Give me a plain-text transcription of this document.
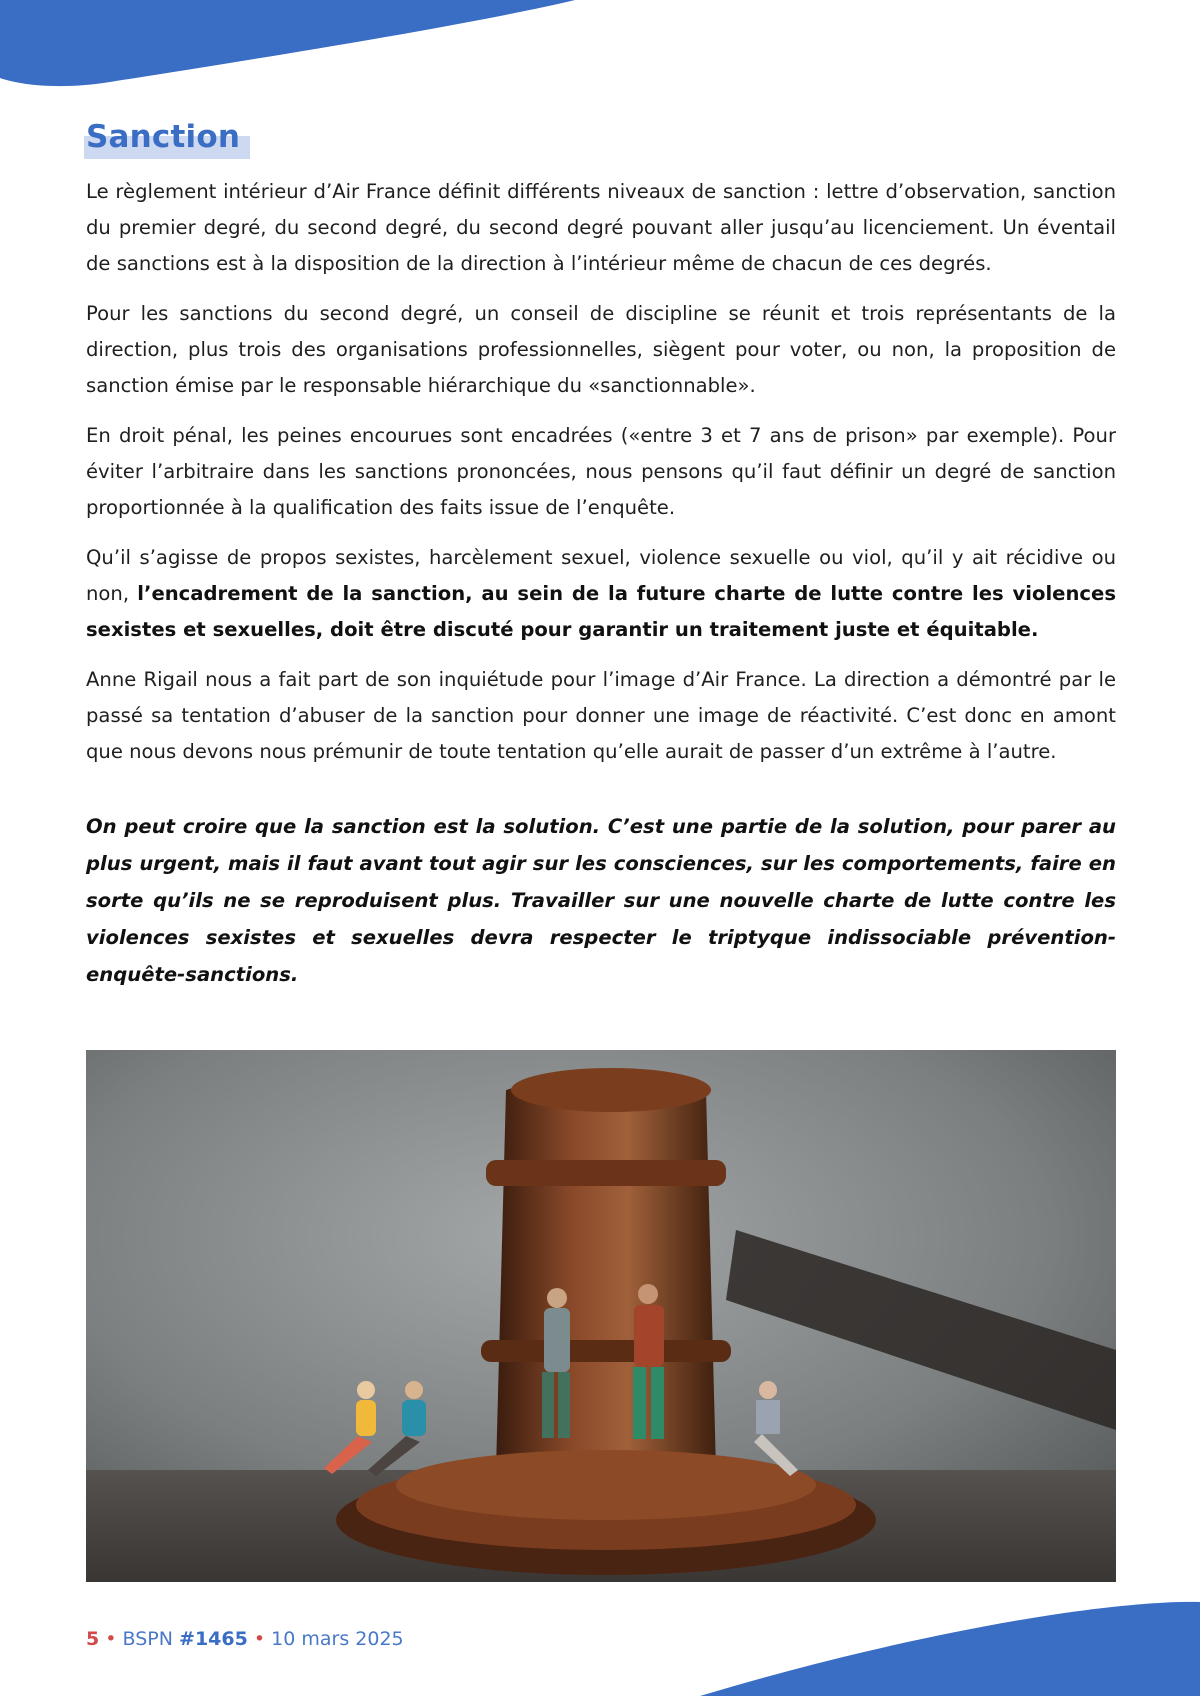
Sanction

Le règlement intérieur d’Air France définit différents niveaux de sanction : lettre d’observation, sanction du premier degré, du second degré, du second degré pouvant aller jusqu’au licenciement. Un éventail de sanctions est à la disposition de la direction à l’intérieur même de chacun de ces degrés.

Pour les sanctions du second degré, un conseil de discipline se réunit et trois représentants de la direction, plus trois des organisations professionnelles, siègent pour voter, ou non, la proposition de sanction émise par le responsable hiérarchique du «sanctionnable».

En droit pénal, les peines encourues sont encadrées («entre 3 et 7 ans de prison» par exemple). Pour éviter l’arbitraire dans les sanctions prononcées, nous pensons qu’il faut définir un degré de sanction proportionnée à la qualification des faits issue de l’enquête.

Qu’il s’agisse de propos sexistes, harcèlement sexuel, violence sexuelle ou viol, qu’il y ait récidive ou non, l’encadrement de la sanction, au sein de la future charte de lutte contre les violences sexistes et sexuelles, doit être discuté pour garantir un traitement juste et équitable.

Anne Rigail nous a fait part de son inquiétude pour l’image d’Air France. La direction a démontré par le passé sa tentation d’abuser de la sanction pour donner une image de réactivité. C’est donc en amont que nous devons nous prémunir de toute tentation qu’elle aurait de passer d’un extrême à l’autre.

On peut croire que la sanction est la solution. C’est une partie de la solution, pour parer au plus urgent, mais il faut avant tout agir sur les consciences, sur les comportements, faire en sorte qu’ils ne se reproduisent plus. Travailler sur une nouvelle charte de lutte contre les violences sexistes et sexuelles devra respecter le triptyque indissociable prévention-enquête-sanctions.

5 • BSPN #1465 • 10 mars 2025
